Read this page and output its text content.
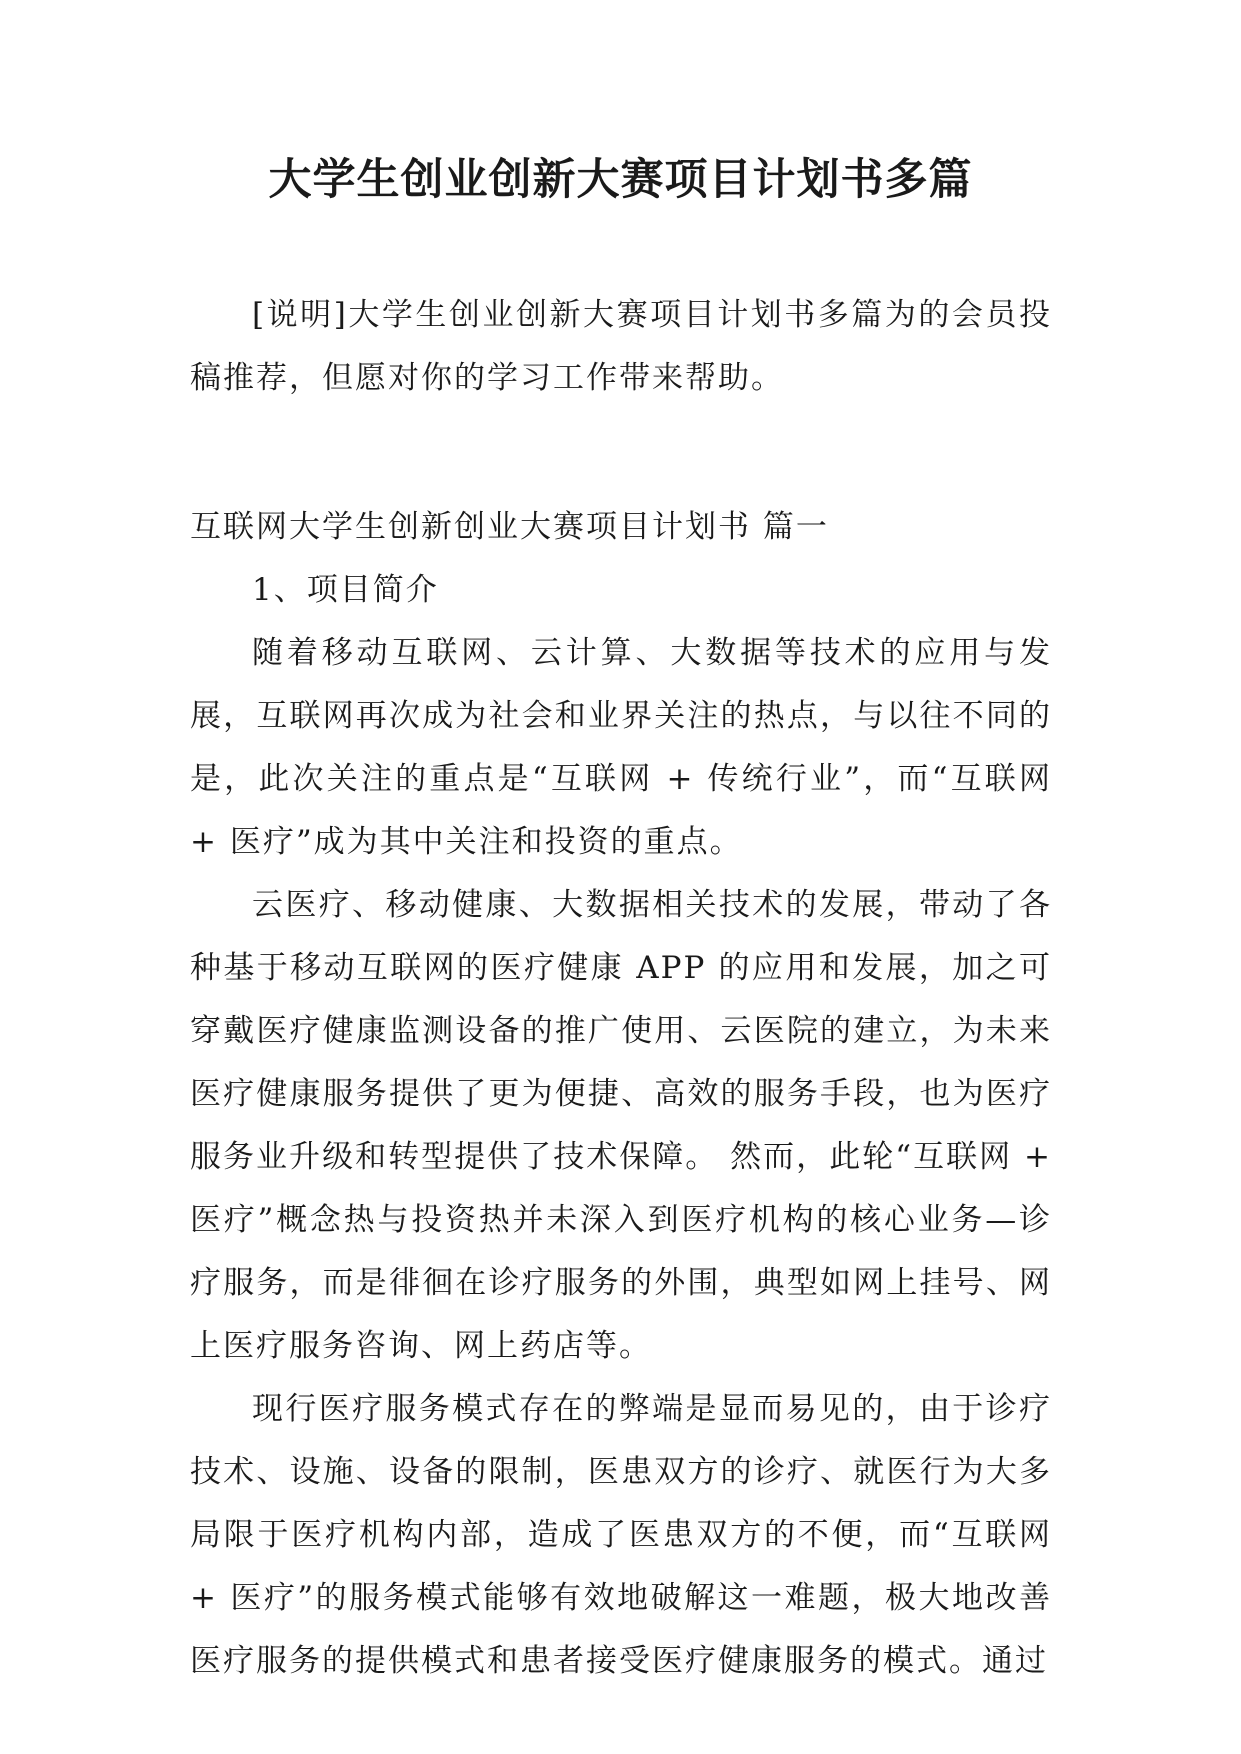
大学生创业创新大赛项目计划书多篇

[说明]大学生创业创新大赛项目计划书多篇为的会员投稿推荐，但愿对你的学习工作带来帮助。

互联网大学生创新创业大赛项目计划书 篇一

1、项目简介

随着移动互联网、云计算、大数据等技术的应用与发展，互联网再次成为社会和业界关注的热点，与以往不同的是，此次关注的重点是“互联网 + 传统行业”，而“互联网 + 医疗”成为其中关注和投资的重点。

云医疗、移动健康、大数据相关技术的发展，带动了各种基于移动互联网的医疗健康 APP 的应用和发展，加之可穿戴医疗健康监测设备的推广使用、云医院的建立，为未来医疗健康服务提供了更为便捷、高效的服务手段，也为医疗服务业升级和转型提供了技术保障。 然而，此轮“互联网 + 医疗”概念热与投资热并未深入到医疗机构的核心业务—诊疗服务，而是徘徊在诊疗服务的外围，典型如网上挂号、网上医疗服务咨询、网上药店等。

现行医疗服务模式存在的弊端是显而易见的，由于诊疗技术、设施、设备的限制，医患双方的诊疗、就医行为大多局限于医疗机构内部，造成了医患双方的不便，而“互联网 + 医疗”的服务模式能够有效地破解这一难题，极大地改善医疗服务的提供模式和患者接受医疗健康服务的模式。通过
